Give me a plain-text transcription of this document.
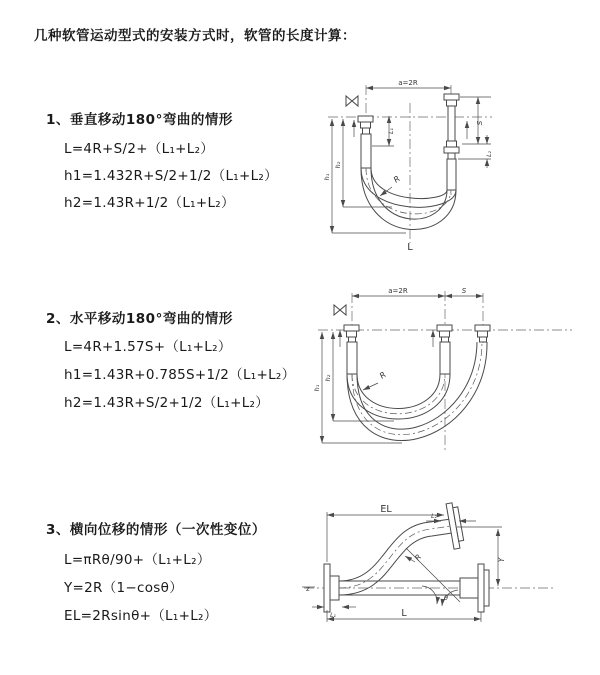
几种软管运动型式的安装方式时，软管的长度计算：
1、垂直移动180°弯曲的情形
L=4R+S/2+（L₁+L₂）
h1=1.432R+S/2+1/2（L₁+L₂）
h2=1.43R+1/2（L₁+L₂）
2、水平移动180°弯曲的情形
L=4R+1.57S+（L₁+L₂）
h1=1.43R+0.785S+1/2（L₁+L₂）
h2=1.43R+S/2+1/2（L₁+L₂）
3、横向位移的情形（一次性变位）
L=πRθ/90+（L₁+L₂）
Y=2R（1−cosθ）
EL=2Rsinθ+（L₁+L₂）
a=2R
L₁
S
L₂
h₁
h₂
R
L
a=2R	S
h₁
h₂	R
z
EL
L₂
Y
L
L₁
θ
R
